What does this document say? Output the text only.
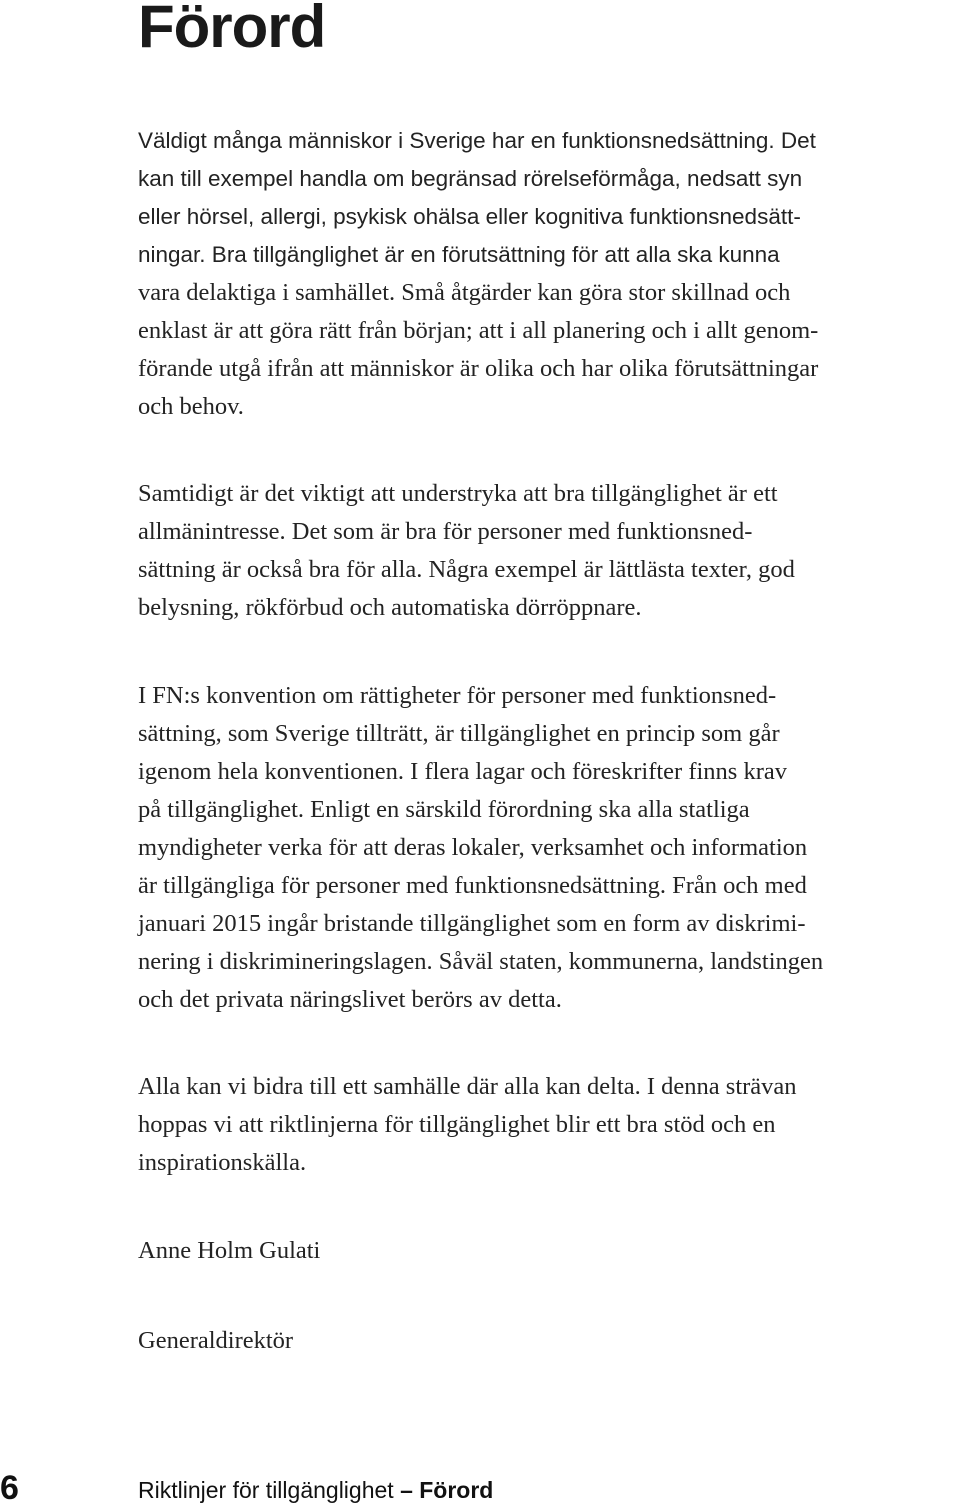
Förord

Väldigt många människor i Sverige har en funktionsnedsättning. Det
kan till exempel handla om begränsad rörelseförmåga, nedsatt syn
eller hörsel, allergi, psykisk ohälsa eller kognitiva funktionsnedsätt-
ningar. Bra tillgänglighet är en förutsättning för att alla ska kunna
vara delaktiga i samhället. Små åtgärder kan göra stor skillnad och
enklast är att göra rätt från början; att i all planering och i allt genom-
förande utgå ifrån att människor är olika och har olika förutsättningar
och behov.

Samtidigt är det viktigt att understryka att bra tillgänglighet är ett
allmänintresse. Det som är bra för personer med funktionsned-
sättning är också bra för alla. Några exempel är lättlästa texter, god
belysning, rökförbud och automatiska dörröppnare.

I FN:s konvention om rättigheter för personer med funktionsned-
sättning, som Sverige tillträtt, är tillgänglighet en princip som går
igenom hela konventionen. I flera lagar och föreskrifter finns krav
på tillgänglighet. Enligt en särskild förordning ska alla statliga
myndigheter verka för att deras lokaler, verksamhet och information
är tillgängliga för personer med funktionsnedsättning. Från och med
januari 2015 ingår bristande tillgänglighet som en form av diskrimi-
nering i diskrimineringslagen. Såväl staten, kommunerna, landstingen
och det privata näringslivet berörs av detta.

Alla kan vi bidra till ett samhälle där alla kan delta. I denna strävan
hoppas vi att riktlinjerna för tillgänglighet blir ett bra stöd och en
inspirationskälla.

Anne Holm Gulati
Generaldirektör
6	Riktlinjer för tillgänglighet – Förord
